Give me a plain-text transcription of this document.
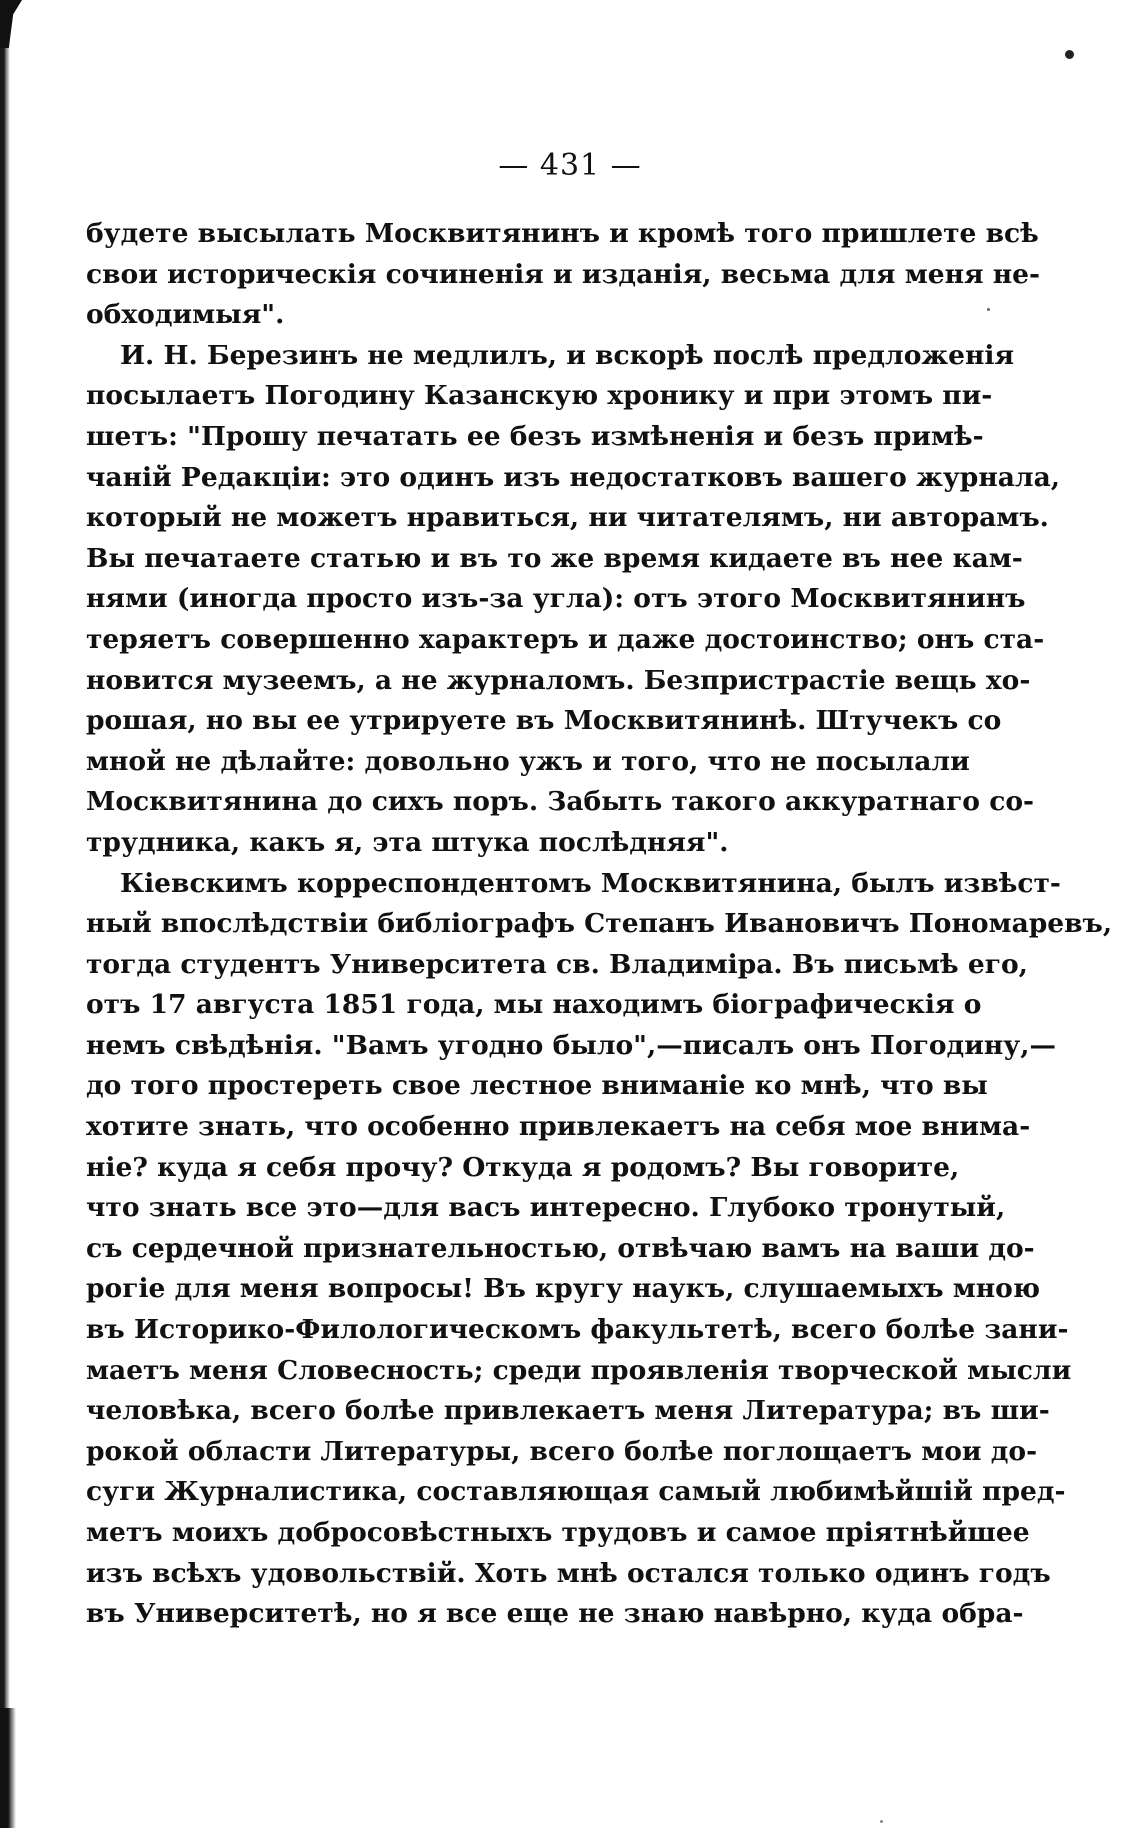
— 431 —
будете высылать Москвитянинъ и кромѣ того пришлете всѣ
свои историческія сочиненія и изданія, весьма для меня не-
обходимыя".
И. Н. Березинъ не медлилъ, и вскорѣ послѣ предложенія
посылаетъ Погодину Казанскую хронику и при этомъ пи-
шетъ: "Прошу печатать ее безъ измѣненія и безъ примѣ-
чаній Редакціи: это одинъ изъ недостатковъ вашего журнала,
который не можетъ нравиться, ни читателямъ, ни авторамъ.
Вы печатаете статью и въ то же время кидаете въ нее кам-
нями (иногда просто изъ-за угла): отъ этого Москвитянинъ
теряетъ совершенно характеръ и даже достоинство; онъ ста-
новится музеемъ, а не журналомъ. Безпристрастіе вещь хо-
рошая, но вы ее утрируете въ Москвитянинѣ. Штучекъ со
мной не дѣлайте: довольно ужъ и того, что не посылали
Москвитянина до сихъ поръ. Забыть такого аккуратнаго со-
трудника, какъ я, эта штука послѣдняя".
Кіевскимъ корреспондентомъ Москвитянина, былъ извѣст-
ный впослѣдствіи библіографъ Степанъ Ивановичъ Пономаревъ,
тогда студентъ Университета св. Владиміра. Въ письмѣ его,
отъ 17 августа 1851 года, мы находимъ біографическія о
немъ свѣдѣнія. "Вамъ угодно было",—писалъ онъ Погодину,—
до того простереть свое лестное вниманіе ко мнѣ, что вы
хотите знать, что особенно привлекаетъ на себя мое внима-
ніе? куда я себя прочу? Откуда я родомъ? Вы говорите,
что знать все это—для васъ интересно. Глубоко тронутый,
съ сердечной признательностью, отвѣчаю вамъ на ваши до-
рогіе для меня вопросы! Въ кругу наукъ, слушаемыхъ мною
въ Историко-Филологическомъ факультетѣ, всего болѣе зани-
маетъ меня Словесность; среди проявленія творческой мысли
человѣка, всего болѣе привлекаетъ меня Литература; въ ши-
рокой области Литературы, всего болѣе поглощаетъ мои до-
суги Журналистика, составляющая самый любимѣйшій пред-
метъ моихъ добросовѣстныхъ трудовъ и самое пріятнѣйшее
изъ всѣхъ удовольствій. Хоть мнѣ остался только одинъ годъ
въ Университетѣ, но я все еще не знаю навѣрно, куда обра-
